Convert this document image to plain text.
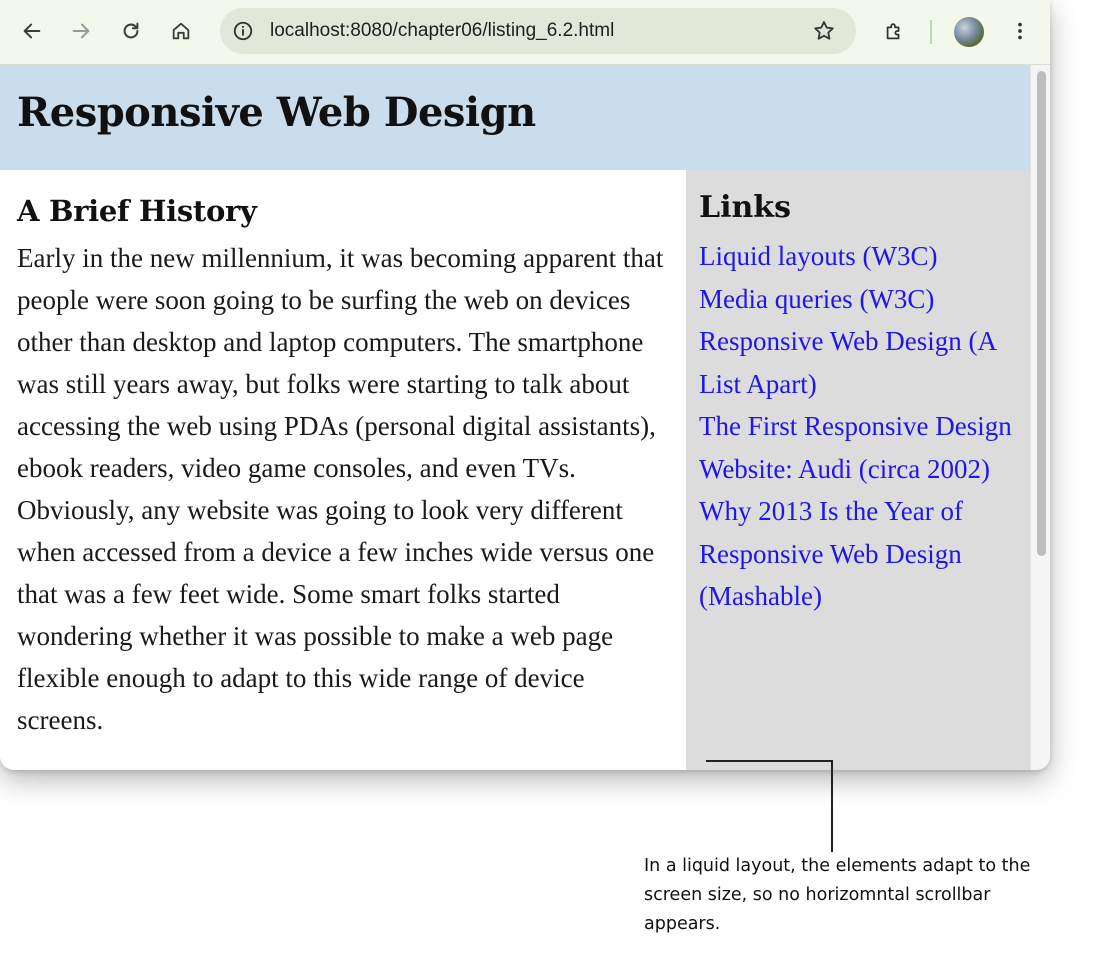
localhost:8080/chapter06/listing_6.2.html
Responsive Web Design
A Brief History

Early in the new millennium, it was becoming apparent that people were soon going to be surfing the web on devices other than desktop and laptop computers. The smartphone was still years away, but folks were starting to talk about accessing the web using PDAs (personal digital assistants), ebook readers, video game consoles, and even TVs. Obviously, any website was going to look very different when accessed from a device a few inches wide versus one that was a few feet wide. Some smart folks started wondering whether it was possible to make a web page flexible enough to adapt to this wide range of device screens.

Links
Liquid layouts (W3C)
Media queries (W3C)
Responsive Web Design (A List Apart)
The First Responsive Design Website: Audi (circa 2002)
Why 2013 Is the Year of Responsive Web Design (Mashable)

In a liquid layout, the elements adapt to the screen size, so no horizomntal scrollbar appears.
